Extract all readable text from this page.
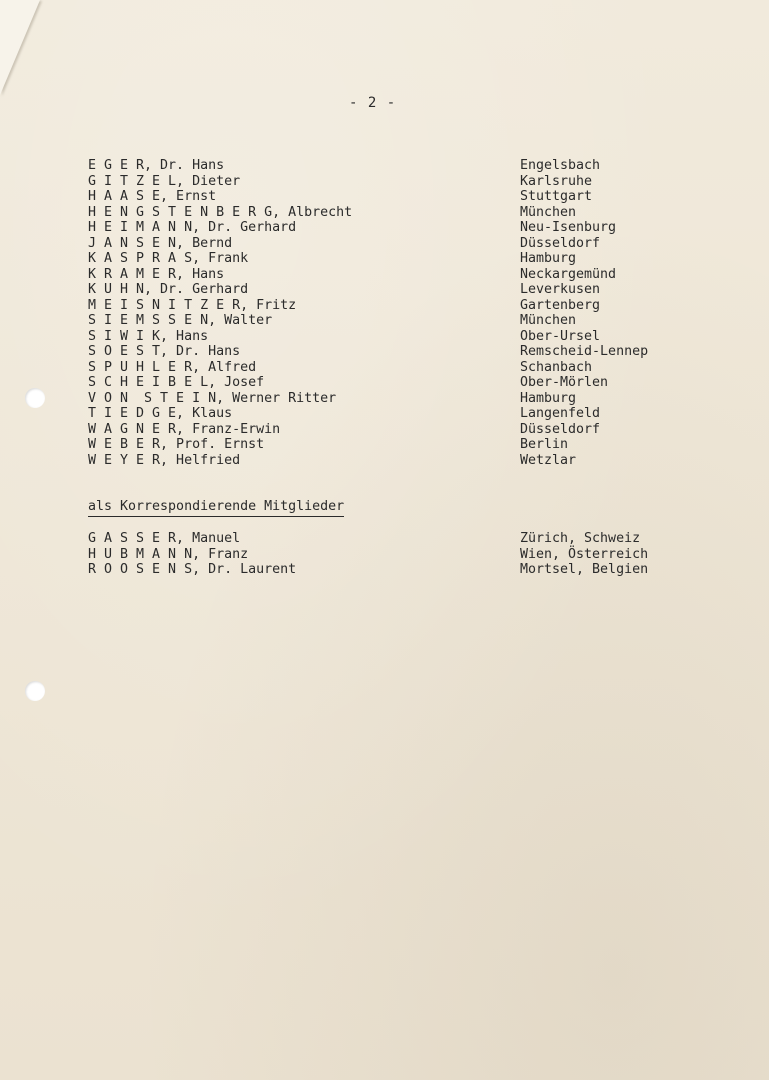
- 2 -
E G E R, Dr. Hans	Engelsbach
G I T Z E L, Dieter	Karlsruhe
H A A S E, Ernst	Stuttgart
H E N G S T E N B E R G, Albrecht	München
H E I M A N N, Dr. Gerhard	Neu-Isenburg
J A N S E N, Bernd	Düsseldorf
K A S P R A S, Frank	Hamburg
K R A M E R, Hans	Neckargemünd
K U H N, Dr. Gerhard	Leverkusen
M E I S N I T Z E R, Fritz	Gartenberg
S I E M S S E N, Walter	München
S I W I K, Hans	Ober-Ursel
S O E S T, Dr. Hans	Remscheid-Lennep
S P U H L E R, Alfred	Schanbach
S C H E I B E L, Josef	Ober-Mörlen
V O N  S T E I N, Werner Ritter	Hamburg
T I E D G E, Klaus	Langenfeld
W A G N E R, Franz-Erwin	Düsseldorf
W E B E R, Prof. Ernst	Berlin
W E Y E R, Helfried	Wetzlar
als Korrespondierende Mitglieder
G A S S E R, Manuel	Zürich, Schweiz
H U B M A N N, Franz	Wien, Österreich
R O O S E N S, Dr. Laurent	Mortsel, Belgien
